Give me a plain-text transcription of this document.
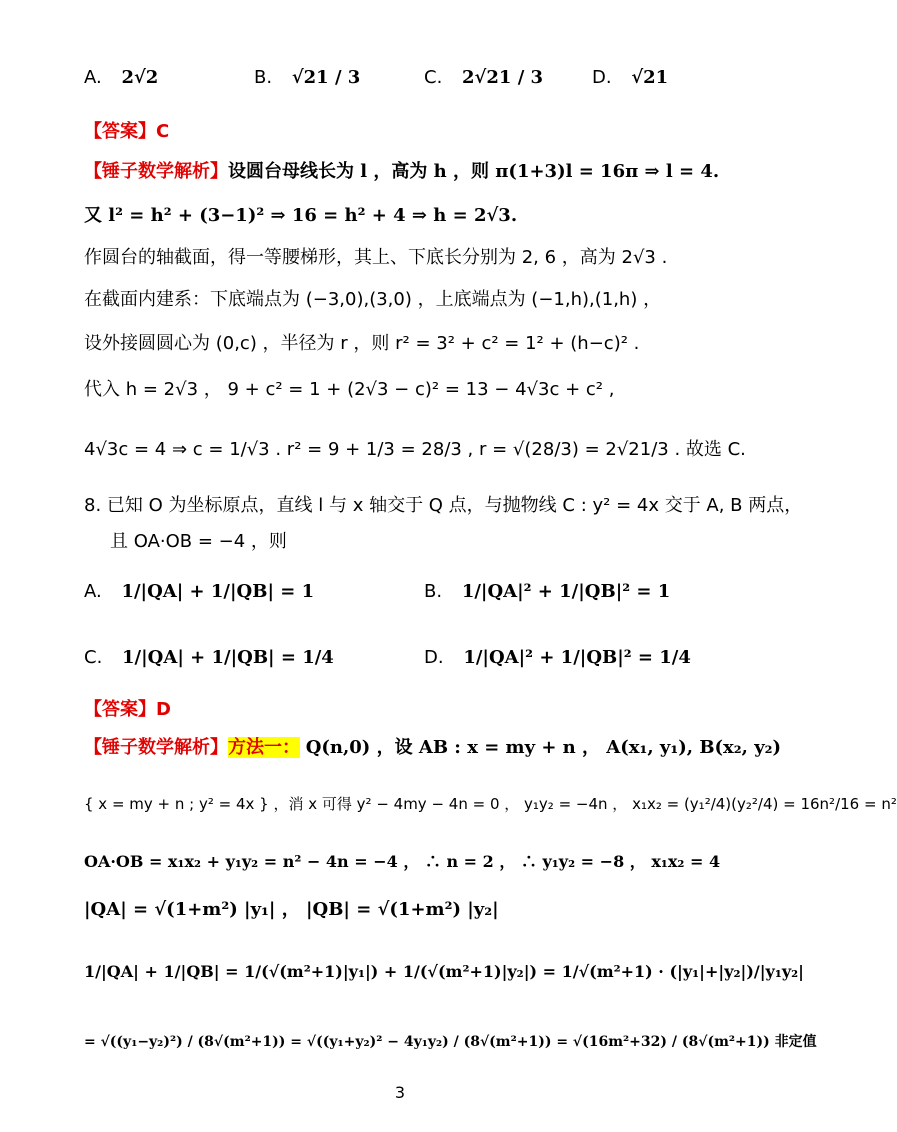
A. 2√2	B. √21 / 3	C. 2√21 / 3	D. √21
【答案】C
【锤子数学解析】设圆台母线长为 l ，高为 h ，则 π(1+3)l = 16π ⇒ l = 4.
又 l² = h² + (3−1)² ⇒ 16 = h² + 4 ⇒ h = 2√3.
作圆台的轴截面，得一等腰梯形，其上、下底长分别为 2, 6 ，高为 2√3 .
在截面内建系：下底端点为 (−3,0),(3,0) ，上底端点为 (−1,h),(1,h) ，
设外接圆圆心为 (0,c) ，半径为 r ，则 r² = 3² + c² = 1² + (h−c)² .
代入 h = 2√3 ， 9 + c² = 1 + (2√3 − c)² = 13 − 4√3c + c² ,
4√3c = 4 ⇒ c = 1/√3 . r² = 9 + 1/3 = 28/3 , r = √(28/3) = 2√21/3 . 故选 C.
8. 已知 O 为坐标原点，直线 l 与 x 轴交于 Q 点，与抛物线 C : y² = 4x 交于 A, B 两点，
且 OA·OB = −4 ，则
A. 1/|QA| + 1/|QB| = 1	B. 1/|QA|² + 1/|QB|² = 1
C. 1/|QA| + 1/|QB| = 1/4	D. 1/|QA|² + 1/|QB|² = 1/4
【答案】D
【锤子数学解析】方法一： Q(n,0) ，设 AB : x = my + n ， A(x₁, y₁), B(x₂, y₂)
{ x = my + n ; y² = 4x } ，消 x 可得 y² − 4my − 4n = 0 ， y₁y₂ = −4n ， x₁x₂ = (y₁²/4)(y₂²/4) = 16n²/16 = n²
OA·OB = x₁x₂ + y₁y₂ = n² − 4n = −4 ， ∴ n = 2 ， ∴ y₁y₂ = −8 ， x₁x₂ = 4
|QA| = √(1+m²) |y₁| ， |QB| = √(1+m²) |y₂|
1/|QA| + 1/|QB| = 1/(√(m²+1)|y₁|) + 1/(√(m²+1)|y₂|) = 1/√(m²+1) · (|y₁|+|y₂|)/|y₁y₂|
= √((y₁−y₂)²) / (8√(m²+1)) = √((y₁+y₂)² − 4y₁y₂) / (8√(m²+1)) = √(16m²+32) / (8√(m²+1)) 非定值
3
